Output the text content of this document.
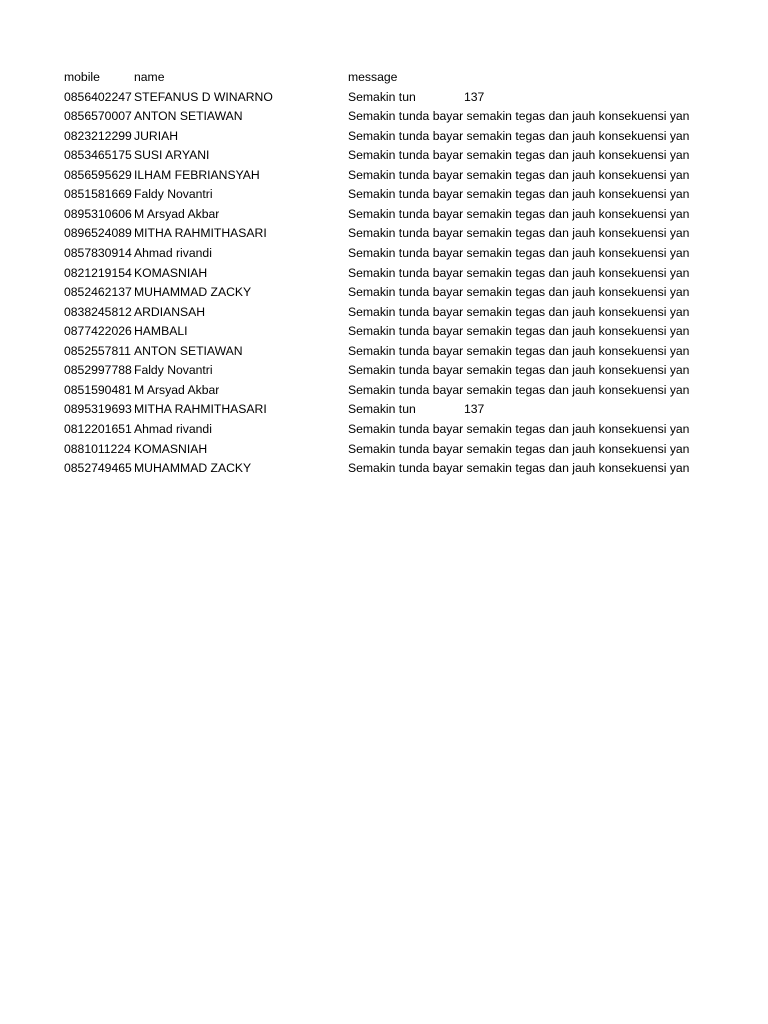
mobile	name	message
0856402247 STEFANUS D WINARNO	Semakin tun	137
0856570007 ANTON SETIAWAN	Semakin tunda bayar semakin tegas dan jauh konsekuensi yan
0823212299 JURIAH	Semakin tunda bayar semakin tegas dan jauh konsekuensi yan
0853465175 SUSI ARYANI	Semakin tunda bayar semakin tegas dan jauh konsekuensi yan
0856595629 ILHAM FEBRIANSYAH	Semakin tunda bayar semakin tegas dan jauh konsekuensi yan
0851581669 Faldy Novantri	Semakin tunda bayar semakin tegas dan jauh konsekuensi yan
0895310606 M Arsyad Akbar	Semakin tunda bayar semakin tegas dan jauh konsekuensi yan
0896524089 MITHA RAHMITHASARI	Semakin tunda bayar semakin tegas dan jauh konsekuensi yan
0857830914 Ahmad rivandi	Semakin tunda bayar semakin tegas dan jauh konsekuensi yan
0821219154 KOMASNIAH	Semakin tunda bayar semakin tegas dan jauh konsekuensi yan
0852462137 MUHAMMAD ZACKY	Semakin tunda bayar semakin tegas dan jauh konsekuensi yan
0838245812 ARDIANSAH	Semakin tunda bayar semakin tegas dan jauh konsekuensi yan
0877422026 HAMBALI	Semakin tunda bayar semakin tegas dan jauh konsekuensi yan
0852557811 ANTON SETIAWAN	Semakin tunda bayar semakin tegas dan jauh konsekuensi yan
0852997788 Faldy Novantri	Semakin tunda bayar semakin tegas dan jauh konsekuensi yan
0851590481 M Arsyad Akbar	Semakin tunda bayar semakin tegas dan jauh konsekuensi yan
0895319693 MITHA RAHMITHASARI	Semakin tun	137
0812201651 Ahmad rivandi	Semakin tunda bayar semakin tegas dan jauh konsekuensi yan
0881011224 KOMASNIAH	Semakin tunda bayar semakin tegas dan jauh konsekuensi yan
0852749465 MUHAMMAD ZACKY	Semakin tunda bayar semakin tegas dan jauh konsekuensi yan
